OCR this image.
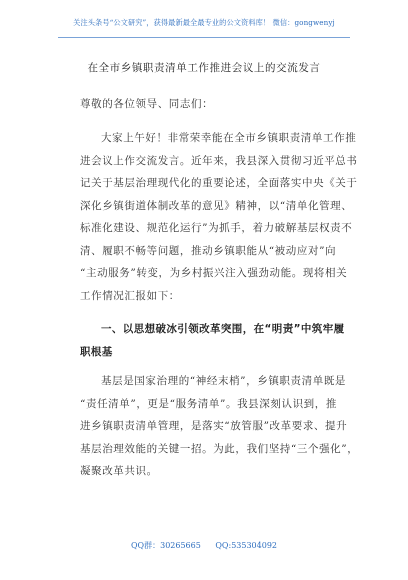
关注头条号“公文研究”，获得最新最全最专业的公文资料库！ 微信：gongwenyj
在全市乡镇职责清单工作推进会议上的交流发言
尊敬的各位领导、同志们：
大家上午好！非常荣幸能在全市乡镇职责清单工作推
进会议上作交流发言。近年来，我县深入贯彻习近平总书
记关于基层治理现代化的重要论述，全面落实中央《关于
深化乡镇街道体制改革的意见》精神，以“清单化管理、
标准化建设、规范化运行”为抓手，着力破解基层权责不
清、履职不畅等问题，推动乡镇职能从“被动应对”向
“主动服务”转变，为乡村振兴注入强劲动能。现将相关
工作情况汇报如下：
一、以思想破冰引领改革突围，在“明责”中筑牢履
职根基
基层是国家治理的“神经末梢”，乡镇职责清单既是
“责任清单”，更是“服务清单”。我县深刻认识到，推
进乡镇职责清单管理，是落实“放管服”改革要求、提升
基层治理效能的关键一招。为此，我们坚持“三个强化”，
凝聚改革共识。
QQ群：30265665 QQ:535304092
